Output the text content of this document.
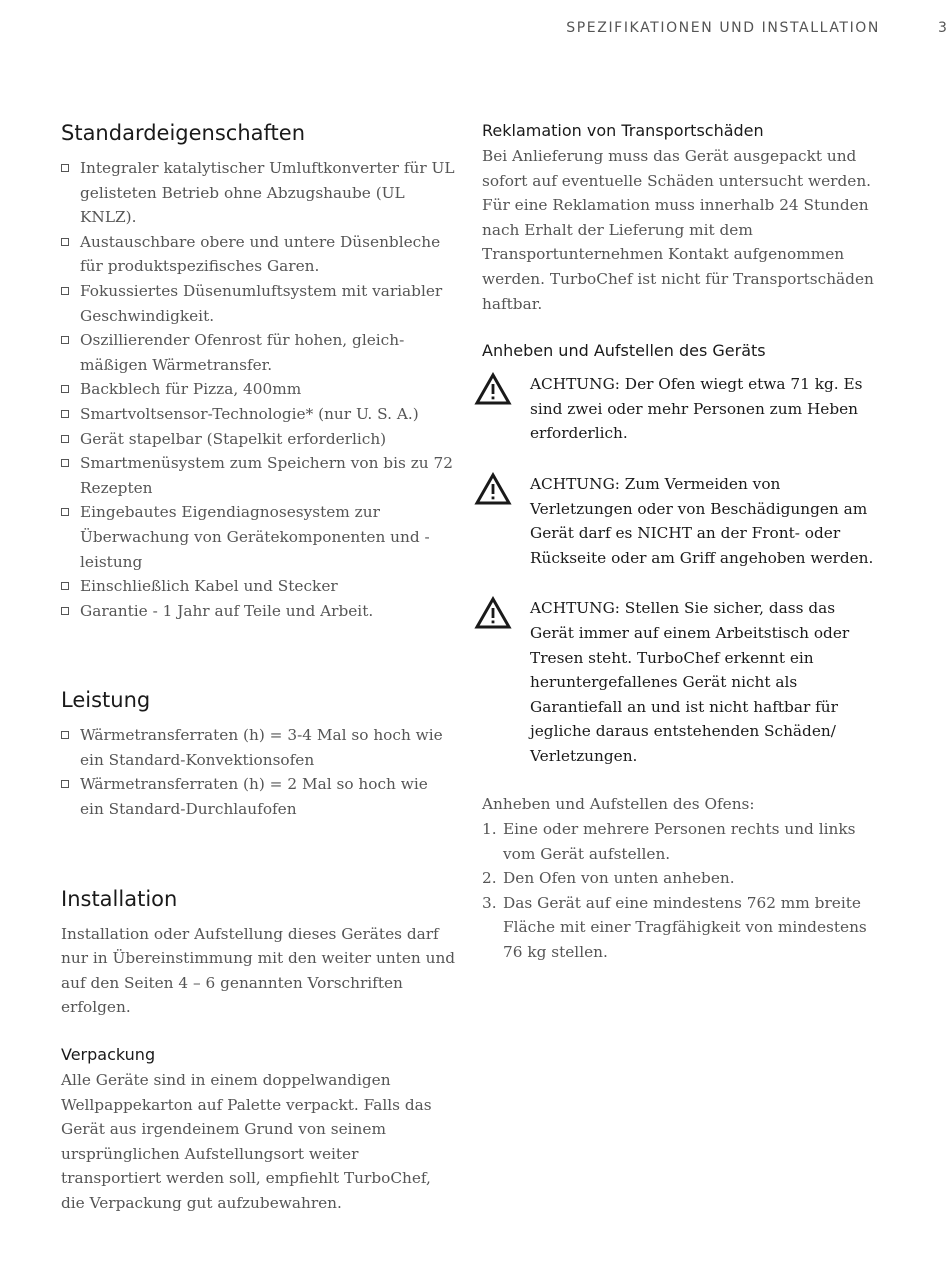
SPEZIFIKATIONEN UND INSTALLATION	3
Standardeigenschaften
Integraler katalytischer Umluftkonverter für UL gelisteten Betrieb ohne Abzugshaube (UL KNLZ).
Austauschbare obere und untere Düsenbleche für produktspezifisches Garen.
Fokussiertes Düsenumluftsystem mit variabler Geschwindigkeit.
Oszillierender Ofenrost für hohen, gleich-mäßigen Wärmetransfer.
Backblech für Pizza, 400mm
Smartvoltsensor-Technologie* (nur U. S. A.)
Gerät stapelbar (Stapelkit erforderlich)
Smartmenüsystem zum Speichern von bis zu 72 Rezepten
Eingebautes Eigendiagnosesystem zur Überwachung von Gerätekomponenten und -leistung
Einschließlich Kabel und Stecker
Garantie - 1 Jahr auf Teile und Arbeit.
Leistung
Wärmetransferraten (h) = 3-4 Mal so hoch wie ein Standard-Konvektionsofen
Wärmetransferraten (h) = 2 Mal so hoch wie ein Standard-Durchlaufofen
Installation

Installation oder Aufstellung dieses Gerätes darf nur in Übereinstimmung mit den weiter unten und auf den Seiten 4 – 6 genannten Vorschriften erfolgen.

Verpackung

Alle Geräte sind in einem doppelwandigen Wellpappekarton auf Palette verpackt. Falls das Gerät aus irgendeinem Grund von seinem ursprünglichen Aufstellungsort weiter transportiert werden soll, empfiehlt TurboChef, die Verpackung gut aufzubewahren.

Reklamation von Transportschäden

Bei Anlieferung muss das Gerät ausgepackt und sofort auf eventuelle Schäden untersucht werden. Für eine Reklamation muss innerhalb 24 Stunden nach Erhalt der Lieferung mit dem Transportunternehmen Kontakt aufgenommen werden. TurboChef ist nicht für Transportschäden haftbar.

Anheben und Aufstellen des Geräts

ACHTUNG: Der Ofen wiegt etwa 71 kg. Es sind zwei oder mehr Personen zum Heben erforderlich.

ACHTUNG: Zum Vermeiden von Verletzungen oder von Beschädigungen am Gerät darf es NICHT an der Front- oder Rückseite oder am Griff angehoben werden.

ACHTUNG: Stellen Sie sicher, dass das Gerät immer auf einem Arbeitstisch oder Tresen steht. TurboChef erkennt ein heruntergefallenes Gerät nicht als Garantiefall an und ist nicht haftbar für jegliche daraus entstehenden Schäden/ Verletzungen.

Anheben und Aufstellen des Ofens:

1. Eine oder mehrere Personen rechts und links vom Gerät aufstellen.
2. Den Ofen von unten anheben.
3. Das Gerät auf eine mindestens 762 mm breite Fläche mit einer Tragfähigkeit von mindestens 76 kg stellen.
